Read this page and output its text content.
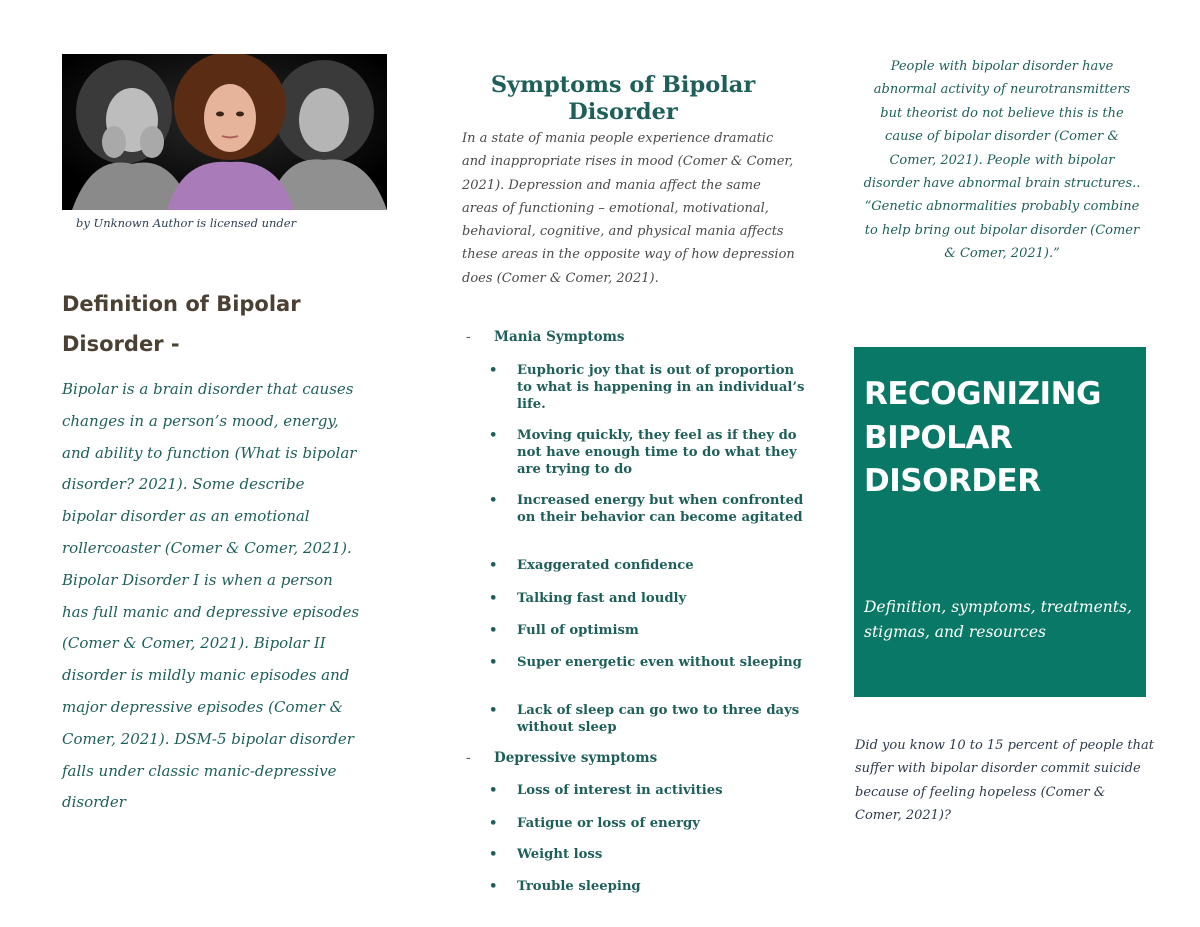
by Unknown Author is licensed under
Definition of Bipolar
Disorder -
Bipolar is a brain disorder that causes changes in a person’s mood, energy, and ability to function (What is bipolar disorder? 2021). Some describe bipolar disorder as an emotional rollercoaster (Comer & Comer, 2021). Bipolar Disorder I is when a person has full manic and depressive episodes (Comer & Comer, 2021). Bipolar II disorder is mildly manic episodes and major depressive episodes (Comer & Comer, 2021). DSM-5 bipolar disorder falls under classic manic-depressive disorder
Symptoms of Bipolar Disorder
In a state of mania people experience dramatic and inappropriate rises in mood (Comer & Comer, 2021). Depression and mania affect the same areas of functioning – emotional, motivational, behavioral, cognitive, and physical mania affects these areas in the opposite way of how depression does (Comer & Comer, 2021).
- Mania Symptoms
• Euphoric joy that is out of proportion to what is happening in an individual’s life.
• Moving quickly, they feel as if they do not have enough time to do what they are trying to do
• Increased energy but when confronted on their behavior can become agitated
• Exaggerated confidence
• Talking fast and loudly
• Full of optimism
• Super energetic even without sleeping
• Lack of sleep can go two to three days without sleep
- Depressive symptoms
• Loss of interest in activities
• Fatigue or loss of energy
• Weight loss
• Trouble sleeping
People with bipolar disorder have abnormal activity of neurotransmitters but theorist do not believe this is the cause of bipolar disorder (Comer & Comer, 2021). People with bipolar disorder have abnormal brain structures.. “Genetic abnormalities probably combine to help bring out bipolar disorder (Comer & Comer, 2021).”
RECOGNIZING
BIPOLAR
DISORDER
Definition, symptoms, treatments, stigmas, and resources
Did you know 10 to 15 percent of people that suffer with bipolar disorder commit suicide because of feeling hopeless (Comer & Comer, 2021)?
